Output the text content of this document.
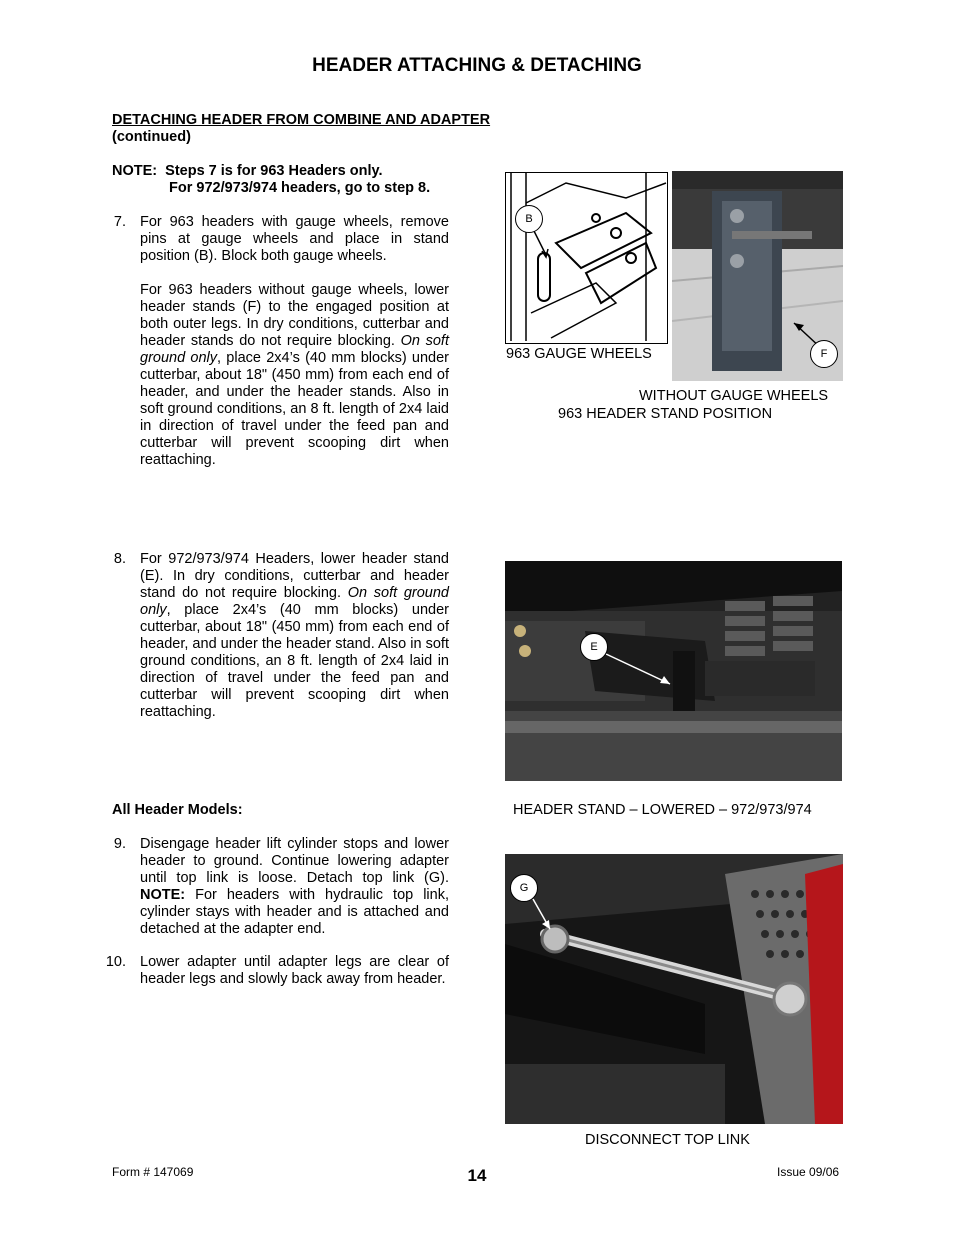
HEADER ATTACHING & DETACHING
DETACHING HEADER FROM COMBINE AND ADAPTER
(continued)
NOTE:  Steps 7 is for 963 Headers only.
For 972/973/974 headers, go to step 8.
7. For 963 headers with gauge wheels, remove pins at gauge wheels and place in stand position (B). Block both gauge wheels.
For 963 headers without gauge wheels, lower header stands (F) to the engaged position at both outer legs. In dry conditions, cutterbar and header stands do not require blocking. On soft ground only, place 2x4’s (40 mm blocks) under cutterbar, about 18" (450 mm) from each end of header, and under the header stands. Also in soft ground conditions, an 8 ft. length of 2x4 laid in direction of travel under the feed pan and cutterbar will prevent scooping dirt when reattaching.
8. For 972/973/974 Headers, lower header stand (E). In dry conditions, cutterbar and header stand do not require blocking. On soft ground only, place 2x4’s (40 mm blocks) under cutterbar, about 18" (450 mm) from each end of header, and under the header stand. Also in soft ground conditions, an 8 ft. length of 2x4 laid in direction of travel under the feed pan and cutterbar will prevent scooping dirt when reattaching.
All Header Models:
9. Disengage header lift cylinder stops and lower header to ground. Continue lowering adapter until top link is loose. Detach top link (G). NOTE: For headers with hydraulic top link, cylinder stays with header and is attached and detached at the adapter end.
10. Lower adapter until adapter legs are clear of header legs and slowly back away from header.
B
963 GAUGE WHEELS	F
WITHOUT GAUGE WHEELS
963 HEADER STAND POSITION
E
HEADER STAND – LOWERED – 972/973/974
G
DISCONNECT TOP LINK
Form # 147069	14	Issue 09/06
